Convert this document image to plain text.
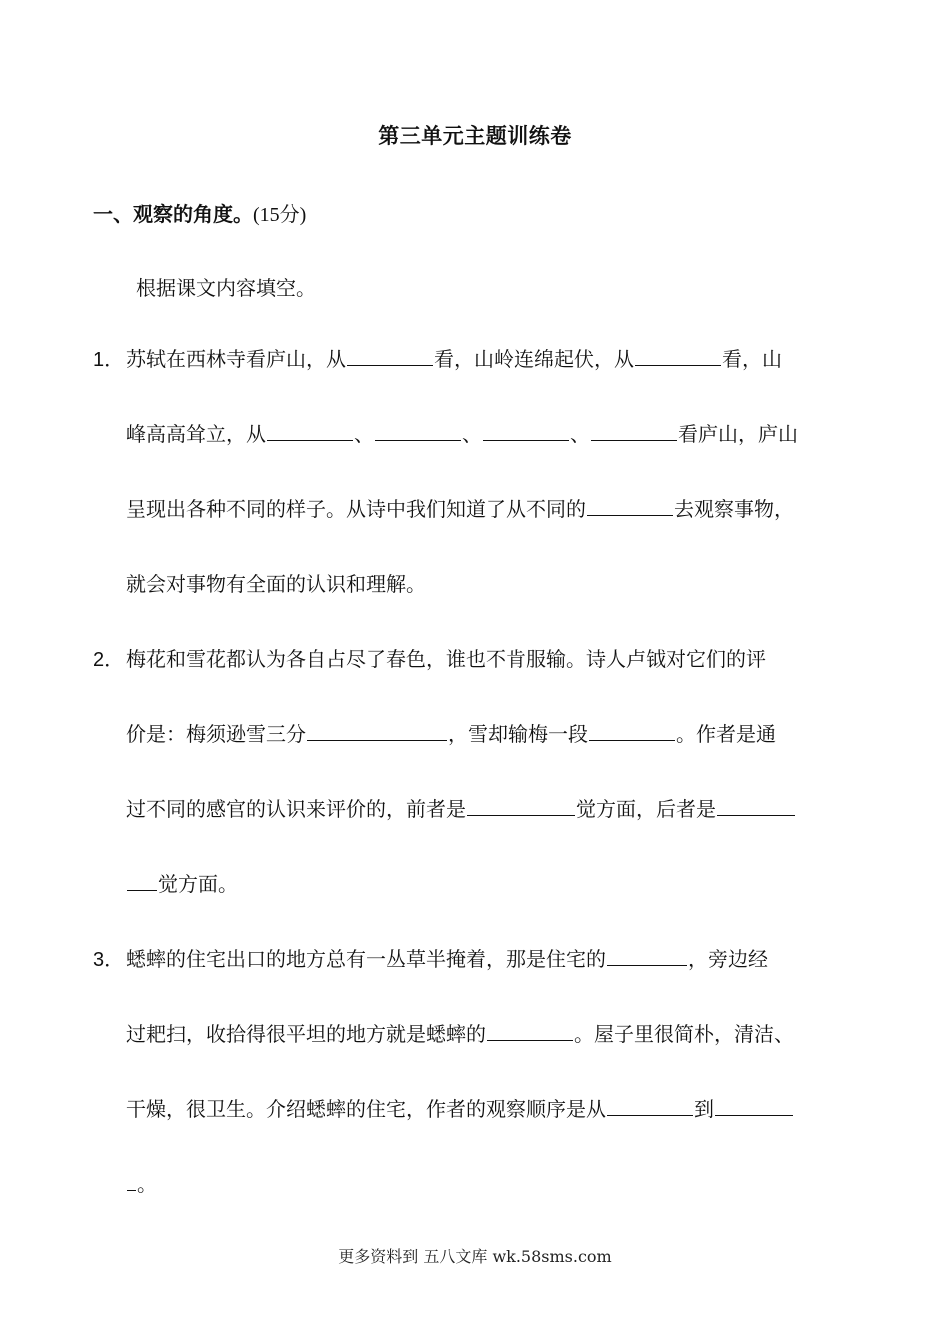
第三单元主题训练卷
一、观察的角度。(15分)
根据课文内容填空。
1．苏轼在西林寺看庐山，从	看，山岭连绵起伏，从	看，山
峰高高耸立，从	、	、	、	看庐山，庐山
呈现出各种不同的样子。从诗中我们知道了从不同的	去观察事物，
就会对事物有全面的认识和理解。
2．梅花和雪花都认为各自占尽了春色，谁也不肯服输。诗人卢钺对它们的评
价是：梅须逊雪三分	，雪却输梅一段	。作者是通
过不同的感官的认识来评价的，前者是	觉方面，后者是
觉方面。
3．蟋蟀的住宅出口的地方总有一丛草半掩着，那是住宅的	，旁边经
过耙扫，收拾得很平坦的地方就是蟋蟀的	。屋子里很简朴，清洁、
干燥，很卫生。介绍蟋蟀的住宅，作者的观察顺序是从	到
。
更多资料到 五八文库 wk.58sms.com
